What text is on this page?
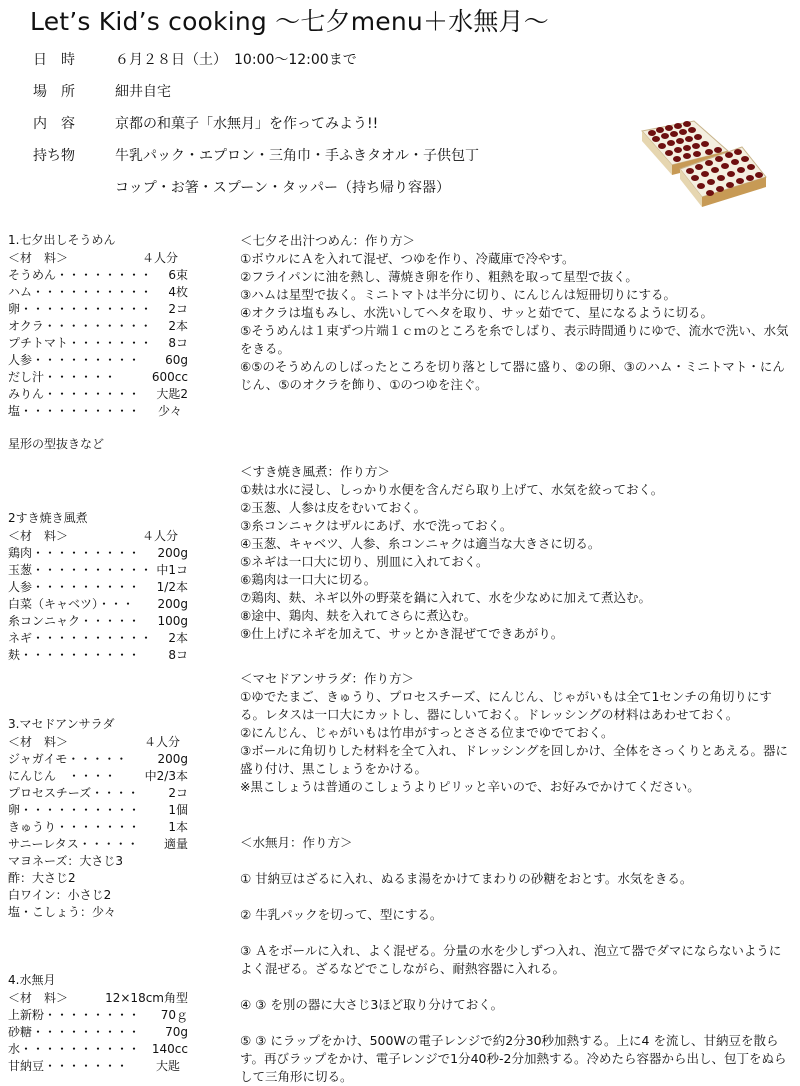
Let’s Kid’s cooking 〜七夕menu＋水無月〜
日　時	６月２８日（土）　10:00〜12:00まで
場　所	細井自宅
内　容	京都の和菓子「水無月」を作ってみよう!!
持ち物	牛乳パック・エプロン・三角巾・手ふきタオル・子供包丁
コップ・お箸・スプーン・タッパー（持ち帰り容器）
1.七夕出しそうめん
＜材　料＞	４人分
そうめん・・・・・・・・ 6束
ハム・・・・・・・・・・ 4枚
卵・・・・・・・・・・・ 2コ
オクラ・・・・・・・・・ 2本
プチトマト・・・・・・・ 8コ
人参・・・・・・・・・ 60g
だし汁・・・・・・	600cc
みりん・・・・・・・・ 大匙2
塩・・・・・・・・・・ 少々
星形の型抜きなど
2すき焼き風煮
＜材　料＞	４人分
鶏肉・・・・・・・・・ 200g
玉葱・・・・・・・・・・ 中1コ
人参・・・・・・・・・ 1/2本
白菜（キャベツ）・・・ 200g
糸コンニャク・・・・・ 100g
ネギ・・・・・・・・・・ 2本
麸・・・・・・・・・・ 8コ
3.マセドアンサラダ
＜材　料＞	４人分
ジャガイモ・・・・・	200g
にんじん　・・・・ 中2/3本
プロセスチーズ・・・・ 2コ
卵・・・・・・・・・・ 1個
きゅうり・・・・・・・ 1本
サニーレタス・・・・・ 適量
マヨネーズ：大さじ3
酢：大さじ2
白ワイン：小さじ2
塩・こしょう：少々
4.水無月
＜材　料＞	12×18cm角型
上新粉・・・・・・・・ 70ｇ
砂糖・・・・・・・・・ 70g
水・・・・・・・・・・ 140cc
甘納豆・・・・・・・ 大匙

＜七夕そ出汁つめん：作り方＞

①ボウルにＡを入れて混ぜ、つゆを作り、冷蔵庫で冷やす。

②フライパンに油を熱し、薄焼き卵を作り、粗熱を取って星型で抜く。

③ハムは星型で抜く。ミニトマトは半分に切り、にんじんは短冊切りにする。

④オクラは塩もみし、水洗いしてヘタを取り、サッと茹でて、星になるように切る。

⑤そうめんは１束ずつ片端１ｃｍのところを糸でしばり、表示時間通りにゆで、流水で洗い、水気をきる。

⑥⑤のそうめんのしばったところを切り落として器に盛り、②の卵、③のハム・ミニトマト・にんじん、⑤のオクラを飾り、①のつゆを注ぐ。

＜すき焼き風煮：作り方＞

①麸は水に浸し、しっかり水便を含んだら取り上げて、水気を絞っておく。

②玉葱、人参は皮をむいておく。

③糸コンニャクはザルにあげ、水で洗っておく。

④玉葱、キャベツ、人参、糸コンニャクは適当な大きさに切る。

⑤ネギは一口大に切り、別皿に入れておく。

⑥鶏肉は一口大に切る。

⑦鶏肉、麸、ネギ以外の野菜を鍋に入れて、水を少なめに加えて煮込む。

⑧途中、鶏肉、麸を入れてさらに煮込む。

⑨仕上げにネギを加えて、サッとかき混ぜてできあがり。

＜マセドアンサラダ：作り方＞

①ゆでたまご、きゅうり、プロセスチーズ、にんじん、じゃがいもは全て1センチの角切りにする。レタスは一口大にカットし、器にしいておく。ドレッシングの材料はあわせておく。

②にんじん、じゃがいもは竹串がすっとささる位までゆでておく。

③ボールに角切りした材料を全て入れ、ドレッシングを回しかけ、全体をさっくりとあえる。器に盛り付け、黒こしょうをかける。

※黒こしょうは普通のこしょうよりピリッと辛いので、お好みでかけてください。

＜水無月：作り方＞

① 甘納豆はざるに入れ、ぬるま湯をかけてまわりの砂糖をおとす。水気をきる。

② 牛乳パックを切って、型にする。

③ Ａをボールに入れ、よく混ぜる。分量の水を少しずつ入れ、泡立て器でダマにならないようによく混ぜる。ざるなどでこしながら、耐熱容器に入れる。

④ ③ を別の器に大さじ3ほど取り分けておく。

⑤ ③ にラップをかけ、500Wの電子レンジで約2分30秒加熱する。上に4 を流し、甘納豆を散らす。再びラップをかけ、電子レンジで1分40秒-2分加熱する。冷めたら容器から出し、包丁をぬらして三角形に切る。
